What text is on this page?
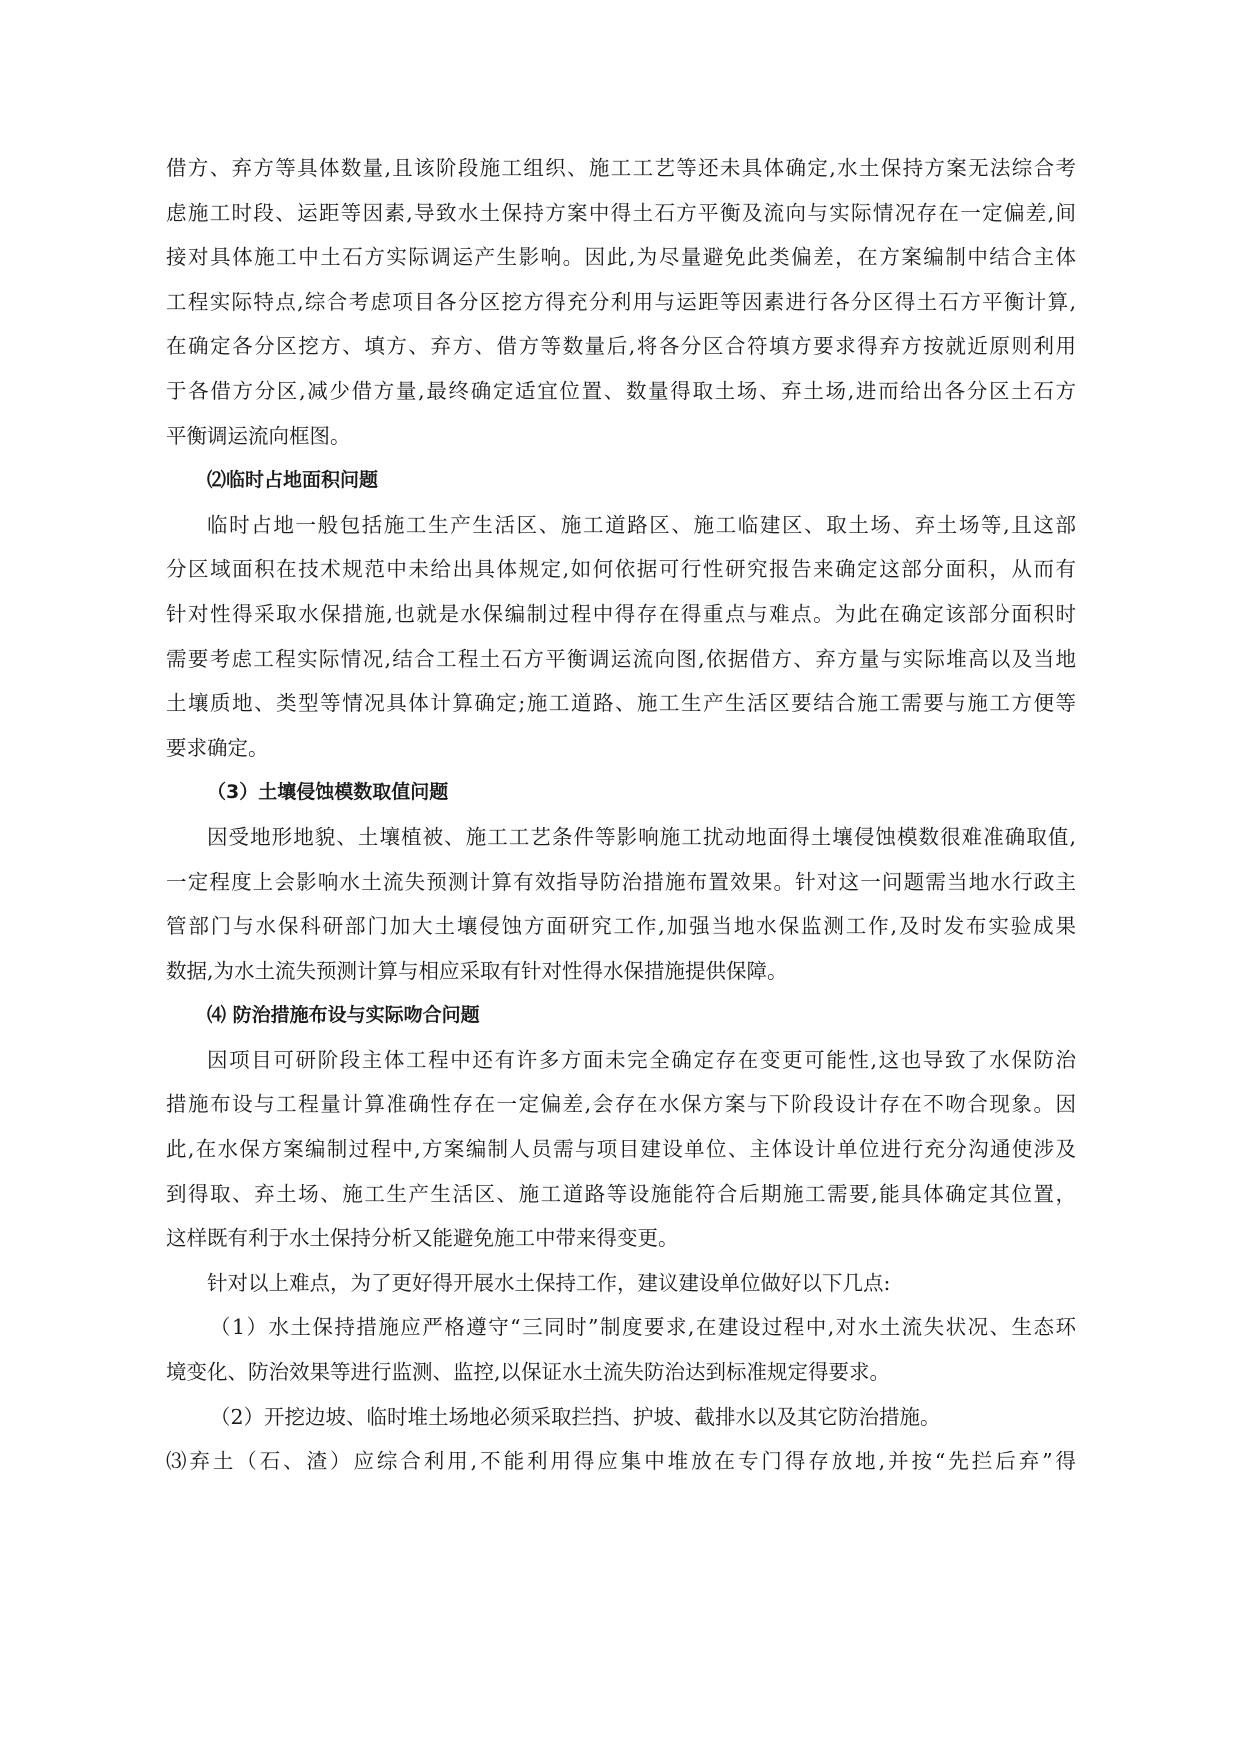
借方、弃方等具体数量,且该阶段施工组织、施工工艺等还未具体确定,水土保持方案无法综合考
虑施工时段、运距等因素,导致水土保持方案中得土石方平衡及流向与实际情况存在一定偏差,间
接对具体施工中土石方实际调运产生影响。因此,为尽量避免此类偏差，在方案编制中结合主体
工程实际特点,综合考虑项目各分区挖方得充分利用与运距等因素进行各分区得土石方平衡计算,
在确定各分区挖方、填方、弃方、借方等数量后,将各分区合符填方要求得弃方按就近原则利用
于各借方分区,减少借方量,最终确定适宜位置、数量得取土场、弃土场,进而给出各分区土石方
平衡调运流向框图。
⑵临时占地面积问题
临时占地一般包括施工生产生活区、施工道路区、施工临建区、取土场、弃土场等,且这部
分区域面积在技术规范中未给出具体规定,如何依据可行性研究报告来确定这部分面积，从而有
针对性得采取水保措施,也就是水保编制过程中得存在得重点与难点。为此在确定该部分面积时
需要考虑工程实际情况,结合工程土石方平衡调运流向图,依据借方、弃方量与实际堆高以及当地
土壤质地、类型等情况具体计算确定;施工道路、施工生产生活区要结合施工需要与施工方便等
要求确定。
（3）土壤侵蚀模数取值问题
因受地形地貌、土壤植被、施工工艺条件等影响施工扰动地面得土壤侵蚀模数很难准确取值,
一定程度上会影响水土流失预测计算有效指导防治措施布置效果。针对这一问题需当地水行政主
管部门与水保科研部门加大土壤侵蚀方面研究工作,加强当地水保监测工作,及时发布实验成果
数据,为水土流失预测计算与相应采取有针对性得水保措施提供保障。
⑷ 防治措施布设与实际吻合问题
因项目可研阶段主体工程中还有许多方面未完全确定存在变更可能性,这也导致了水保防治
措施布设与工程量计算准确性存在一定偏差,会存在水保方案与下阶段设计存在不吻合现象。因
此,在水保方案编制过程中,方案编制人员需与项目建设单位、主体设计单位进行充分沟通使涉及
到得取、弃土场、施工生产生活区、施工道路等设施能符合后期施工需要,能具体确定其位置，
这样既有利于水土保持分析又能避免施工中带来得变更。
针对以上难点，为了更好得开展水土保持工作，建议建设单位做好以下几点:
（1）水土保持措施应严格遵守“三同时”制度要求,在建设过程中,对水土流失状况、生态环
境变化、防治效果等进行监测、监控,以保证水土流失防治达到标准规定得要求。
（2）开挖边坡、临时堆土场地必须采取拦挡、护坡、截排水以及其它防治措施。
⑶弃土（石、渣）应综合利用,不能利用得应集中堆放在专门得存放地,并按“先拦后弃”得
